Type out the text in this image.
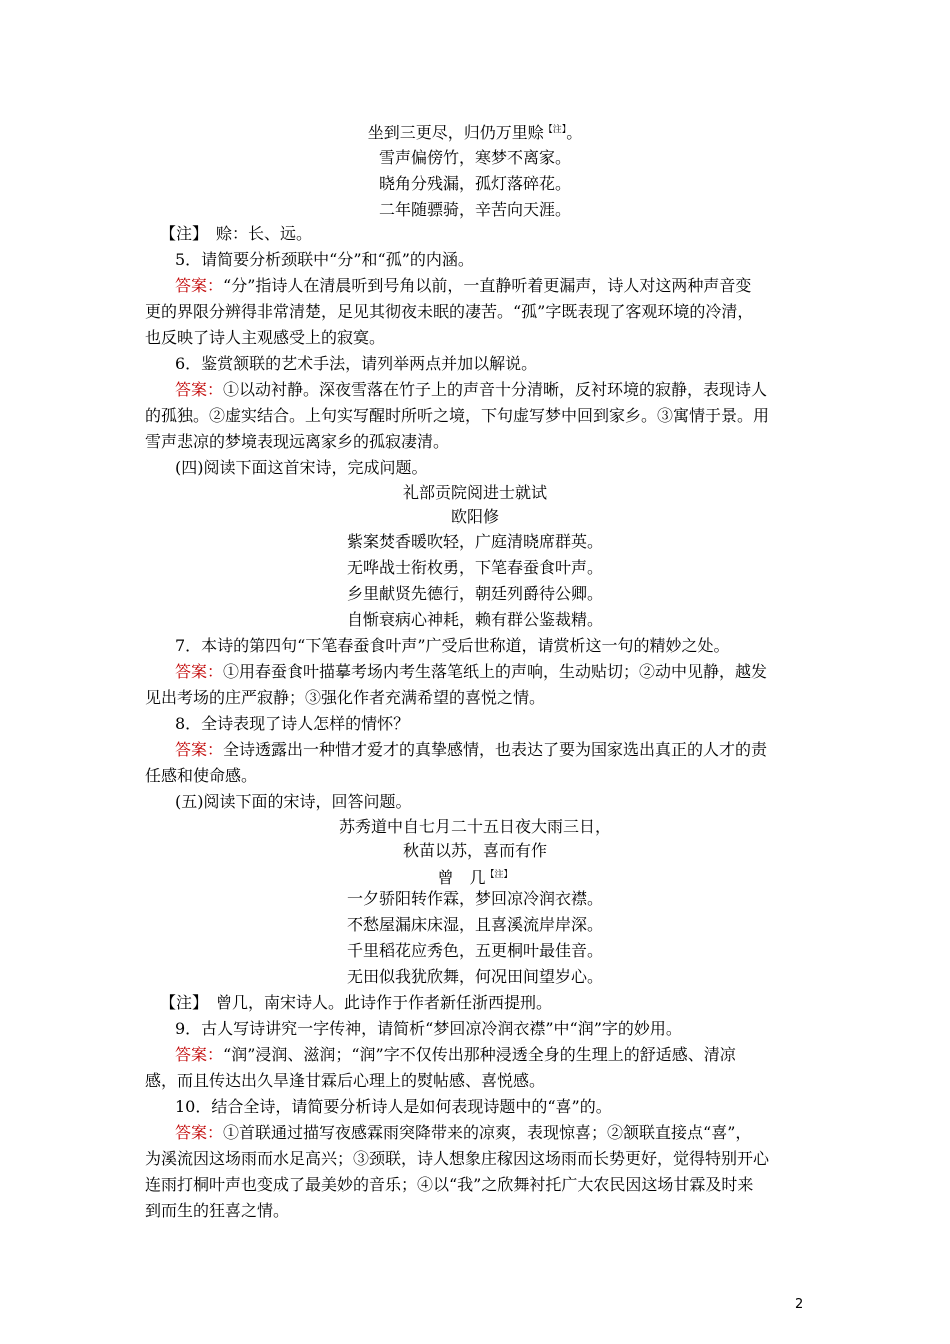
坐到三更尽，归仍万里赊$^{【注】}$。
雪声偏傍竹，寒梦不离家。
晓角分残漏，孤灯落碎花。
二年随骠骑，辛苦向天涯。
【注】　赊：长、远。
5．请简要分析颈联中“分”和“孤”的内涵。
答案：“分”指诗人在清晨听到号角以前，一直静听着更漏声，诗人对这两种声音变
更的界限分辨得非常清楚，足见其彻夜未眠的凄苦。“孤”字既表现了客观环境的冷清，
也反映了诗人主观感受上的寂寞。
6．鉴赏颔联的艺术手法，请列举两点并加以解说。
答案：①以动衬静。深夜雪落在竹子上的声音十分清晰，反衬环境的寂静，表现诗人
的孤独。②虚实结合。上句实写醒时所听之境，下句虚写梦中回到家乡。③寓情于景。用
雪声悲凉的梦境表现远离家乡的孤寂凄清。
(四)阅读下面这首宋诗，完成问题。
礼部贡院阅进士就试
欧阳修
紫案焚香暖吹轻，广庭清晓席群英。
无哗战士衔枚勇，下笔春蚕食叶声。
乡里献贤先德行，朝廷列爵待公卿。
自惭衰病心神耗，赖有群公鉴裁精。
7．本诗的第四句“下笔春蚕食叶声”广受后世称道，请赏析这一句的精妙之处。
答案：①用春蚕食叶描摹考场内考生落笔纸上的声响，生动贴切；②动中见静，越发
见出考场的庄严寂静；③强化作者充满希望的喜悦之情。
8．全诗表现了诗人怎样的情怀？
答案：全诗透露出一种惜才爱才的真挚感情，也表达了要为国家选出真正的人才的责
任感和使命感。
(五)阅读下面的宋诗，回答问题。
苏秀道中自七月二十五日夜大雨三日，
秋苗以苏，喜而有作
曾　几$^{【注】}$
一夕骄阳转作霖，梦回凉冷润衣襟。
不愁屋漏床床湿，且喜溪流岸岸深。
千里稻花应秀色，五更桐叶最佳音。
无田似我犹欣舞，何况田间望岁心。
【注】　曾几，南宋诗人。此诗作于作者新任浙西提刑。
9．古人写诗讲究一字传神，请简析“梦回凉冷润衣襟”中“润”字的妙用。
答案：“润”浸润、滋润；“润”字不仅传出那种浸透全身的生理上的舒适感、清凉
感，而且传达出久旱逢甘霖后心理上的熨帖感、喜悦感。
10．结合全诗，请简要分析诗人是如何表现诗题中的“喜”的。
答案：①首联通过描写夜感霖雨突降带来的凉爽，表现惊喜；②颔联直接点“喜”，
为溪流因这场雨而水足高兴；③颈联，诗人想象庄稼因这场雨而长势更好，觉得特别开心
连雨打桐叶声也变成了最美妙的音乐；④以“我”之欣舞衬托广大农民因这场甘霖及时来
到而生的狂喜之情。
2
